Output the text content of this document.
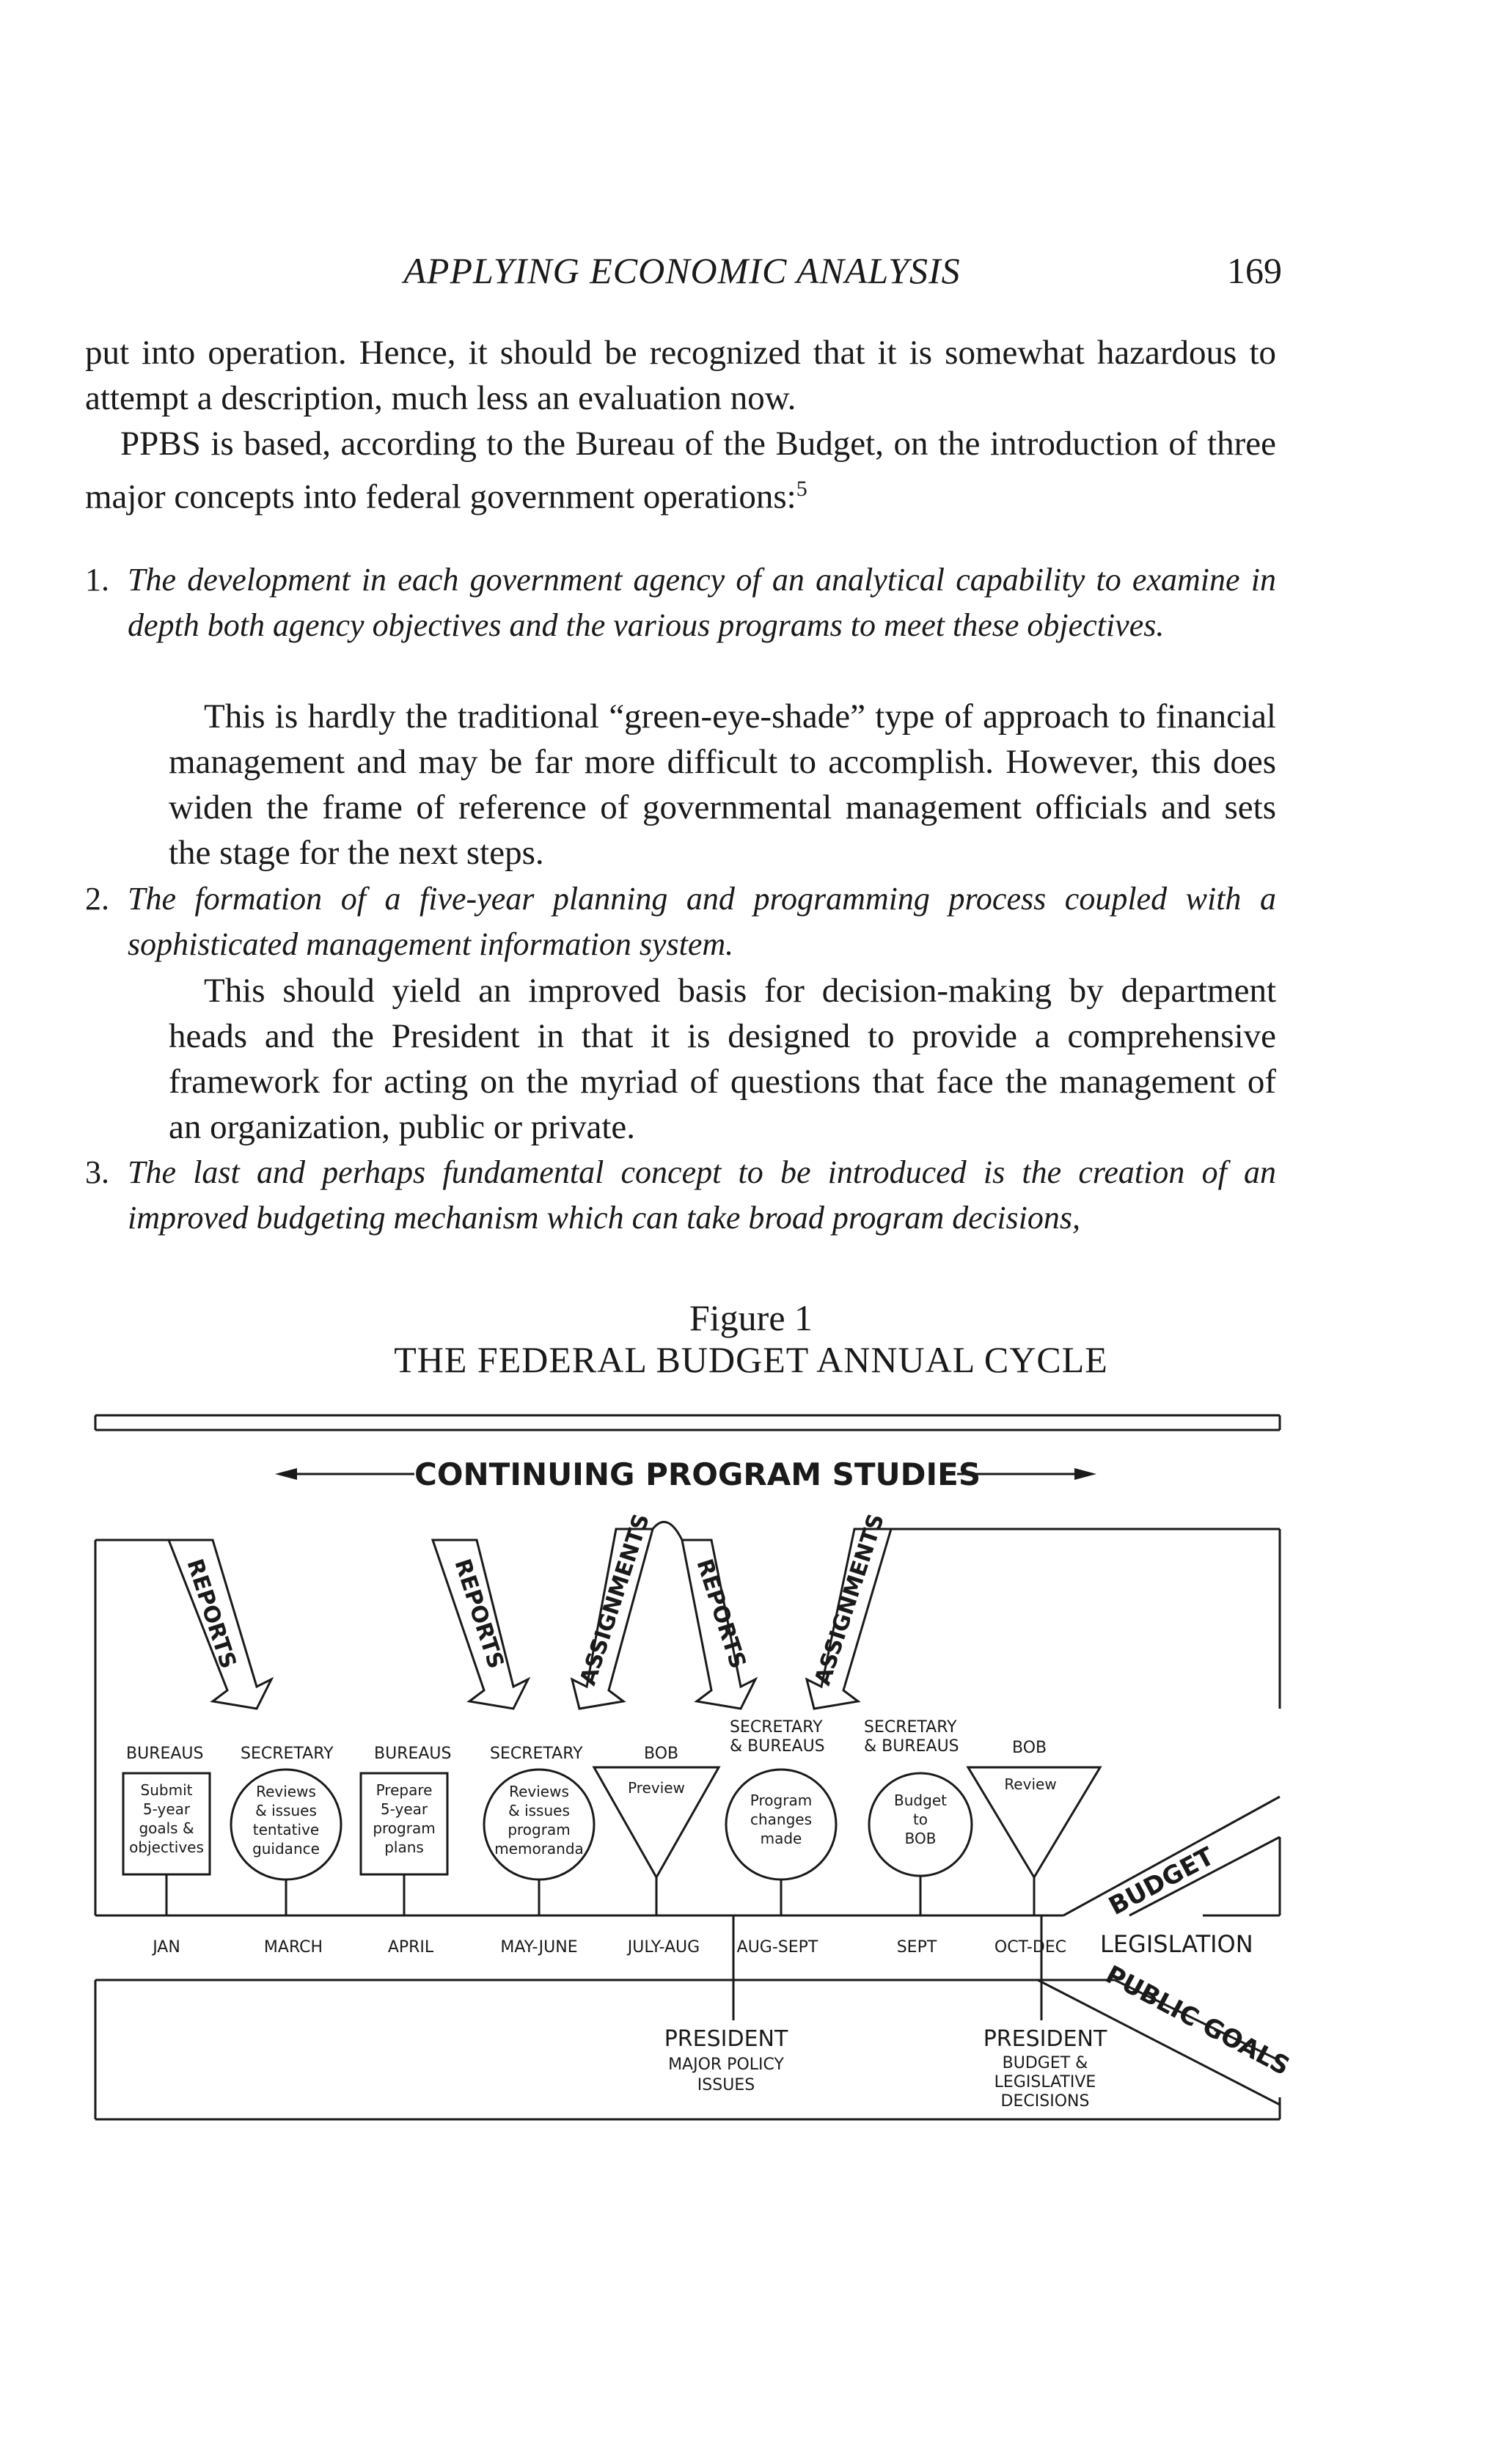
APPLYING ECONOMIC ANALYSIS	169

put into operation. Hence, it should be recognized that it is somewhat hazardous to attempt a description, much less an evaluation now.

PPBS is based, according to the Bureau of the Budget, on the introduction of three major concepts into federal government operations:$^5$

1. The development in each government agency of an analytical capability to examine in depth both agency objectives and the various programs to meet these objectives.

This is hardly the traditional “green-eye-shade” type of approach to financial management and may be far more difficult to accomplish. However, this does widen the frame of reference of governmental management officials and sets the stage for the next steps.

2. The formation of a five-year planning and programming process coupled with a sophisticated management information system.

This should yield an improved basis for decision-making by department heads and the President in that it is designed to provide a comprehensive framework for acting on the myriad of questions that face the management of an organization, public or private.

3. The last and perhaps fundamental concept to be introduced is the creation of an improved budgeting mechanism which can take broad program decisions,
Figure 1
THE FEDERAL BUDGET ANNUAL CYCLE
CONTINUING PROGRAM STUDIES
REPORTS	REPORTS	REPORTS
ASSIGNMENTS	ASSIGNMENTS
BUREAUS SECRETARY	BUREAUS SECRETARY	BOB
SECRETARY
& BUREAUS
SECRETARY
& BUREAUS	BOB
Submit
5-year
goals &
objectives
Reviews
& issues
tentative
guidance
Prepare
5-year
program
plans
Reviews
& issues
program
memoranda
Preview
Program
changes
made
Budget
to
BOB
Review
BUDGET
JAN	MARCH	APRIL	MAY-JUNE	JULY-AUG AUG-SEPT	SEPT	OCT-DEC LEGISLATION
PUBLIC GOALS
PRESIDENT
MAJOR POLICY
ISSUES
PRESIDENT
BUDGET &
LEGISLATIVE
DECISIONS
